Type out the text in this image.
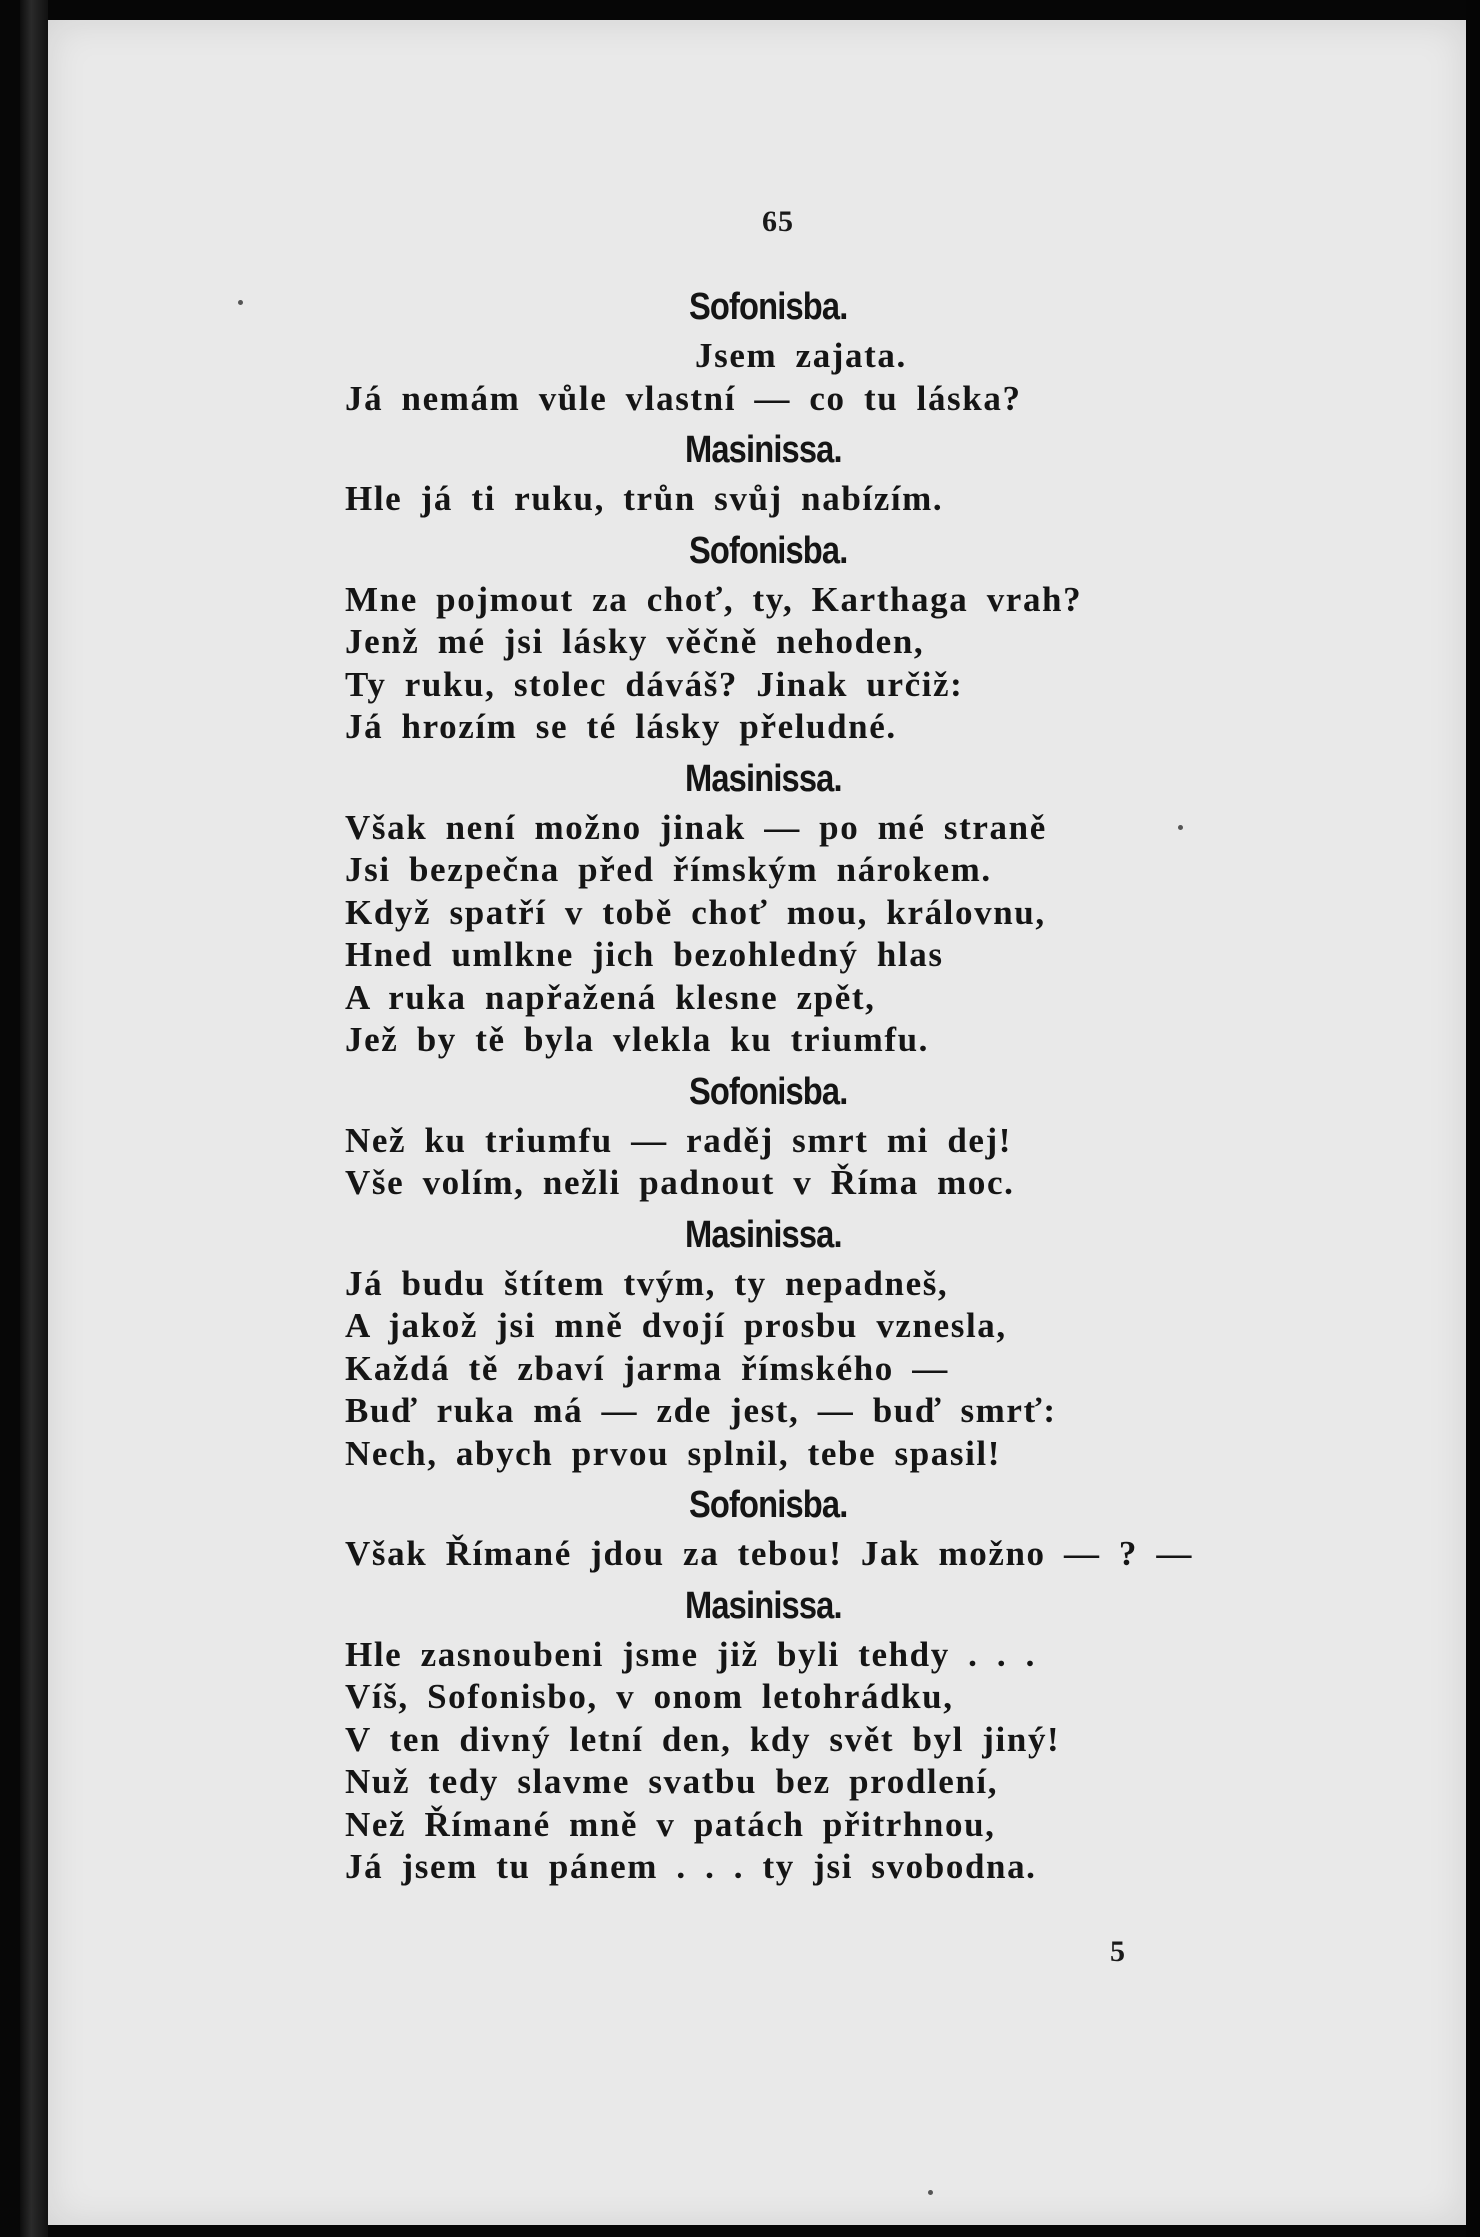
65
Sofonisba.
Jsem zajata.
Já nemám vůle vlastní — co tu láska?
Masinissa.
Hle já ti ruku, trůn svůj nabízím.
Sofonisba.
Mne pojmout za choť, ty, Karthaga vrah?
Jenž mé jsi lásky věčně nehoden,
Ty ruku, stolec dáváš? Jinak určiž:
Já hrozím se té lásky přeludné.
Masinissa.
Však není možno jinak — po mé straně
Jsi bezpečna před římským nárokem.
Když spatří v tobě choť mou, královnu,
Hned umlkne jich bezohledný hlas
A ruka napřažená klesne zpět,
Jež by tě byla vlekla ku triumfu.
Sofonisba.
Než ku triumfu — raděj smrt mi dej!
Vše volím, nežli padnout v Říma moc.
Masinissa.
Já budu štítem tvým, ty nepadneš,
A jakož jsi mně dvojí prosbu vznesla,
Každá tě zbaví jarma římského —
Buď ruka má — zde jest, — buď smrť:
Nech, abych prvou splnil, tebe spasil!
Sofonisba.
Však Římané jdou za tebou! Jak možno — ? —
Masinissa.
Hle zasnoubeni jsme již byli tehdy . . .
Víš, Sofonisbo, v onom letohrádku,
V ten divný letní den, kdy svět byl jiný!
Nuž tedy slavme svatbu bez prodlení,
Než Římané mně v patách přitrhnou,
Já jsem tu pánem . . . ty jsi svobodna.
5
